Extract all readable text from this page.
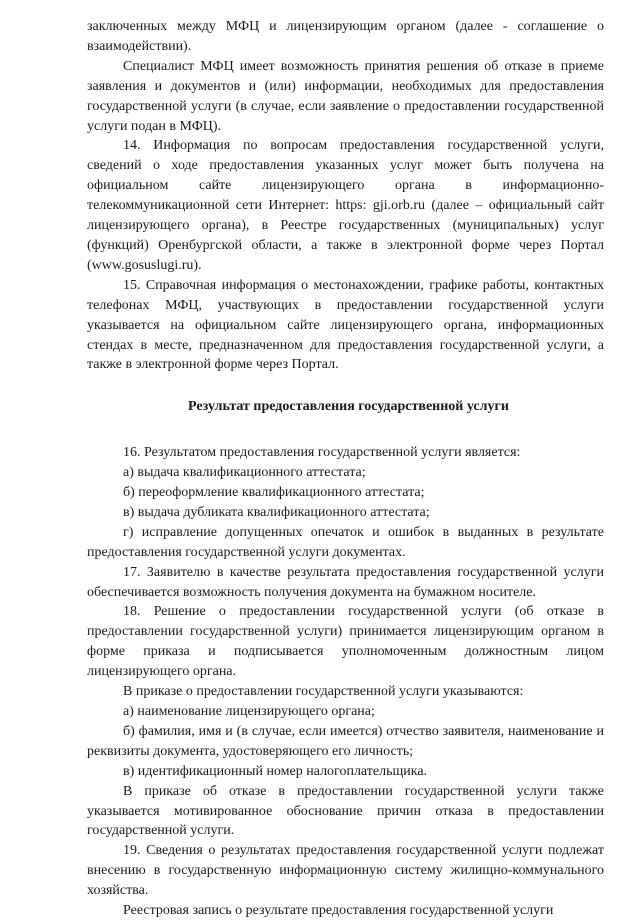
заключенных между МФЦ и лицензирующим органом (далее - соглашение о взаимодействии).

Специалист МФЦ имеет возможность принятия решения об отказе в приеме заявления и документов и (или) информации, необходимых для предоставления государственной услуги (в случае, если заявление о предоставлении государственной услуги подан в МФЦ).

14. Информация по вопросам предоставления государственной услуги, сведений о ходе предоставления указанных услуг может быть получена на официальном сайте лицензирующего органа в информационно-телекоммуникационной сети Интернет: https: gji.orb.ru (далее – официальный сайт лицензирующего органа), в Реестре государственных (муниципальных) услуг (функций) Оренбургской области, а также в электронной форме через Портал (www.gosuslugi.ru).

15. Справочная информация о местонахождении, графике работы, контактных телефонах МФЦ, участвующих в предоставлении государственной услуги указывается на официальном сайте лицензирующего органа, информационных стендах в месте, предназначенном для предоставления государственной услуги, а также в электронной форме через Портал.

Результат предоставления государственной услуги

16. Результатом предоставления государственной услуги является:

а) выдача квалификационного аттестата;

б) переоформление квалификационного аттестата;

в) выдача дубликата квалификационного аттестата;

г) исправление допущенных опечаток и ошибок в выданных в результате предоставления государственной услуги документах.

17. Заявителю в качестве результата предоставления государственной услуги обеспечивается возможность получения документа на бумажном носителе.

18. Решение о предоставлении государственной услуги (об отказе в предоставлении государственной услуги) принимается лицензирующим органом в форме приказа и подписывается уполномоченным должностным лицом лицензирующего органа.

В приказе о предоставлении государственной услуги указываются:

а) наименование лицензирующего органа;

б) фамилия, имя и (в случае, если имеется) отчество заявителя, наименование и реквизиты документа, удостоверяющего его личность;

в) идентификационный номер налогоплательщика.

В приказе об отказе в предоставлении государственной услуги также указывается мотивированное обоснование причин отказа в предоставлении государственной услуги.

19. Сведения о результатах предоставления государственной услуги подлежат внесению в государственную информационную систему жилищно-коммунального хозяйства.

Реестровая запись о результате предоставления государственной услуги
